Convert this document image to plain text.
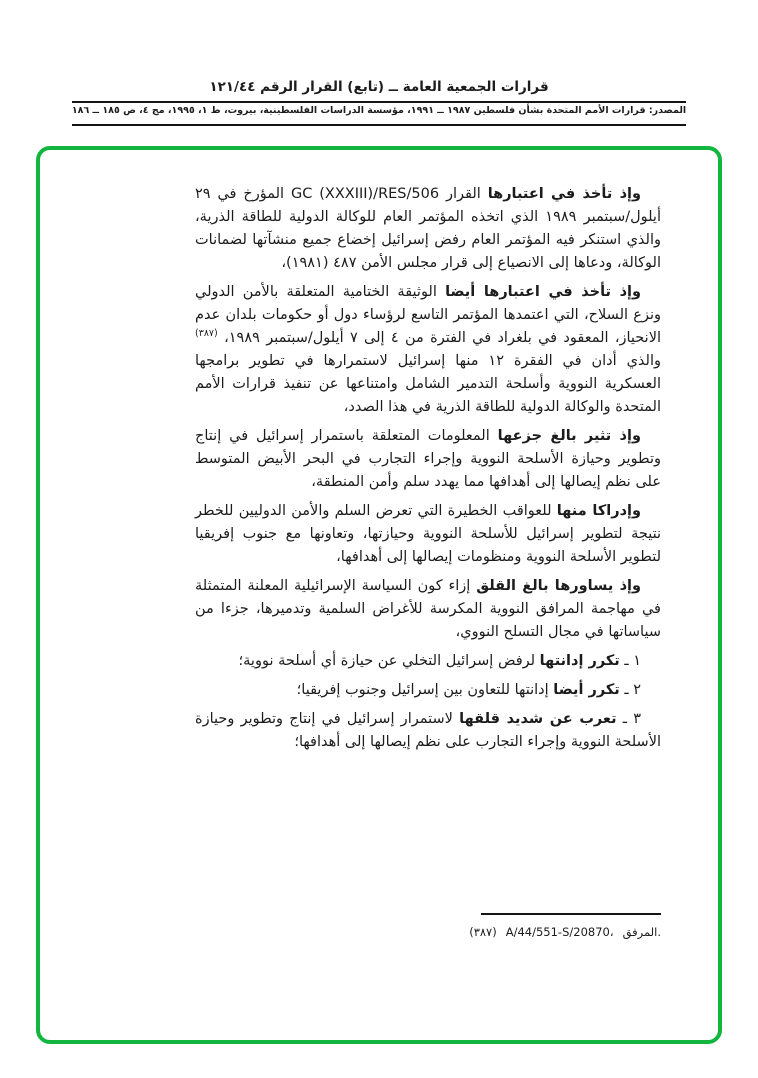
قرارات الجمعية العامة ــ (تابع) القرار الرقم ١٢١/٤٤
المصدر: قرارات الأمم المتحدة بشأن فلسطين ١٩٨٧ ــ ١٩٩١، مؤسسة الدراسات الفلسطينية، بيروت، ط ١، ١٩٩٥، مج ٤، ص ١٨٥ ــ ١٨٦

وإذ تأخذ في اعتبارها القرار GC (XXXIII)/RES/506 المؤرخ في ٢٩ أيلول/سبتمبر ١٩٨٩ الذي اتخذه المؤتمر العام للوكالة الدولية للطاقة الذرية، والذي استنكر فيه المؤتمر العام رفض إسرائيل إخضاع جميع منشآتها لضمانات الوكالة، ودعاها إلى الانصياع إلى قرار مجلس الأمن ٤٨٧ (١٩٨١)،

وإذ تأخذ في اعتبارها أيضا الوثيقة الختامية المتعلقة بالأمن الدولي ونزع السلاح، التي اعتمدها المؤتمر التاسع لرؤساء دول أو حكومات بلدان عدم الانحياز، المعقود في بلغراد في الفترة من ٤ إلى ٧ أيلول/سبتمبر ١٩٨٩، $^{(٣٨٧)}$ والذي أدان في الفقرة ١٢ منها إسرائيل لاستمرارها في تطوير برامجها العسكرية النووية وأسلحة التدمير الشامل وامتناعها عن تنفيذ قرارات الأمم المتحدة والوكالة الدولية للطاقة الذرية في هذا الصدد،

وإذ تثير بالغ جزعها المعلومات المتعلقة باستمرار إسرائيل في إنتاج وتطوير وحيازة الأسلحة النووية وإجراء التجارب في البحر الأبيض المتوسط على نظم إيصالها إلى أهدافها مما يهدد سلم وأمن المنطقة،

وإدراكا منها للعواقب الخطيرة التي تعرض السلم والأمن الدوليين للخطر نتيجة لتطوير إسرائيل للأسلحة النووية وحيازتها، وتعاونها مع جنوب إفريقيا لتطوير الأسلحة النووية ومنظومات إيصالها إلى أهدافها،

وإذ يساورها بالغ القلق إزاء كون السياسة الإسرائيلية المعلنة المتمثلة في مهاجمة المرافق النووية المكرسة للأغراض السلمية وتدميرها، جزءا من سياساتها في مجال التسلح النووي،

١ ـ تكرر إدانتها لرفض إسرائيل التخلي عن حيازة أي أسلحة نووية؛

٢ ـ تكرر أيضا إدانتها للتعاون بين إسرائيل وجنوب إفريقيا؛

٣ ـ تعرب عن شديد قلقها لاستمرار إسرائيل في إنتاج وتطوير وحيازة الأسلحة النووية وإجراء التجارب على نظم إيصالها إلى أهدافها؛

(٣٨٧) A/44/551-S/20870، المرفق.
